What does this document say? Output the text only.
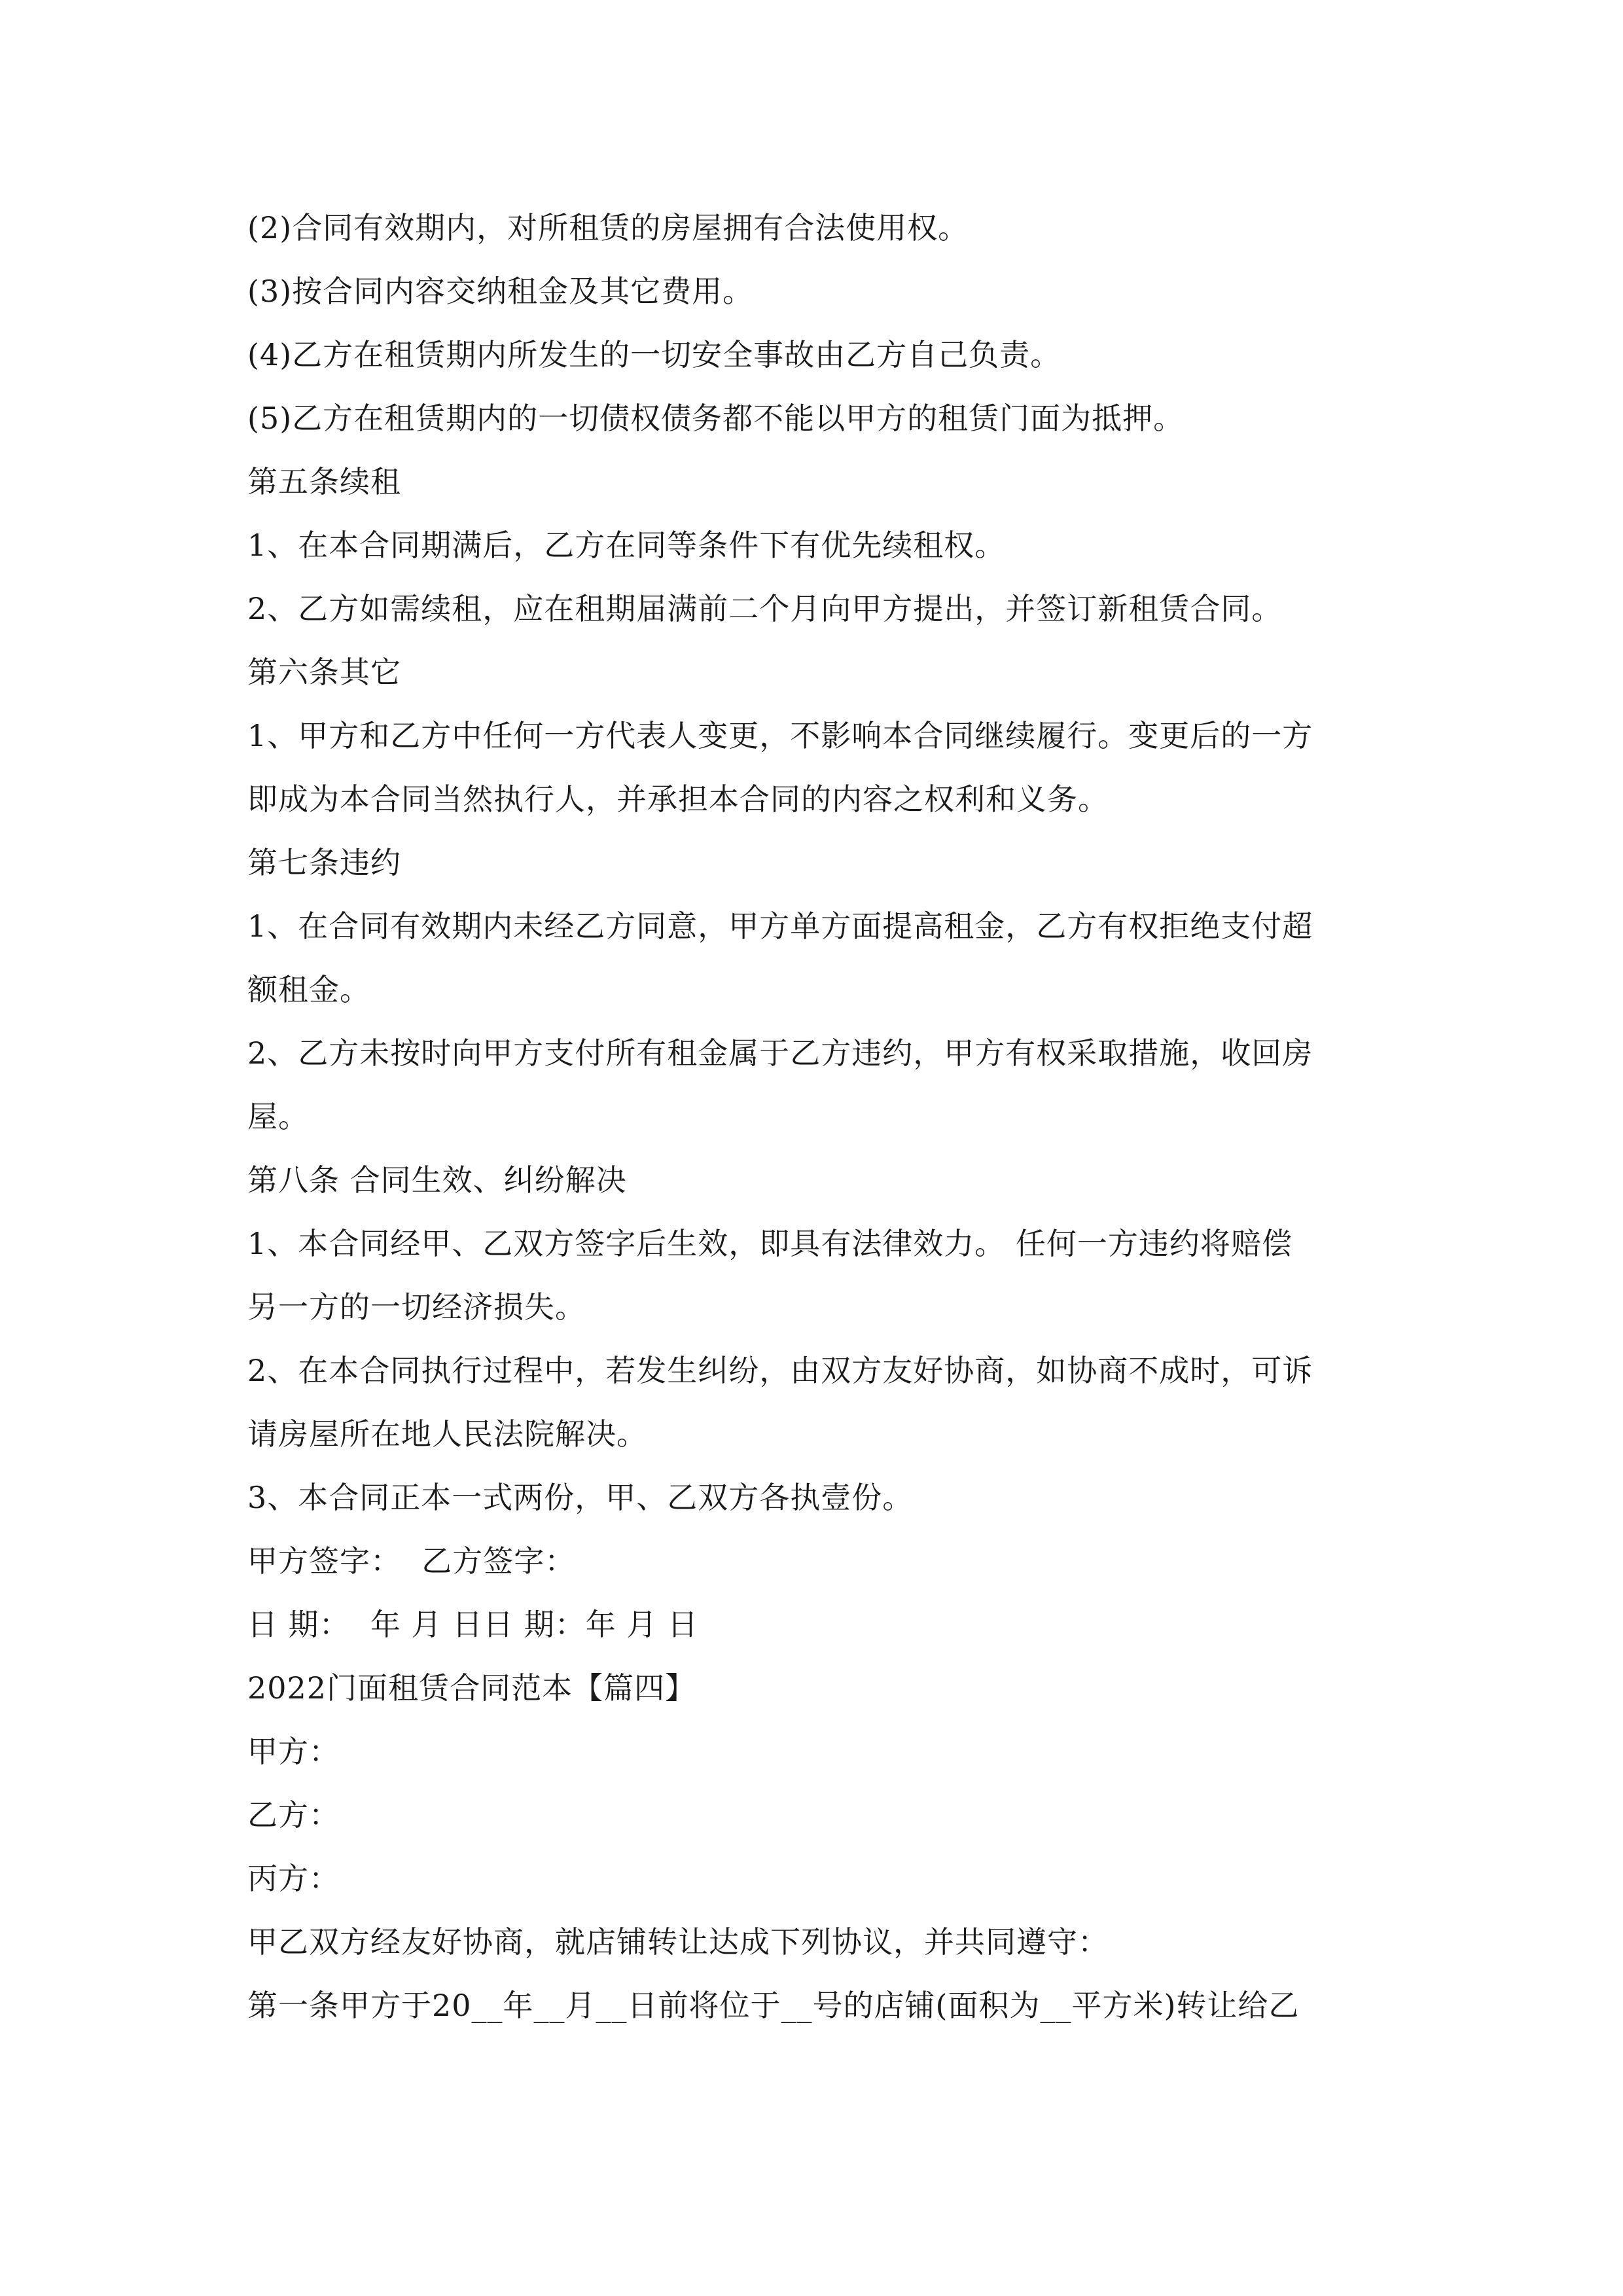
(2)合同有效期内，对所租赁的房屋拥有合法使用权。
(3)按合同内容交纳租金及其它费用。
(4)乙方在租赁期内所发生的一切安全事故由乙方自己负责。
(5)乙方在租赁期内的一切债权债务都不能以甲方的租赁门面为抵押。
第五条续租
1、在本合同期满后，乙方在同等条件下有优先续租权。
2、乙方如需续租，应在租期届满前二个月向甲方提出，并签订新租赁合同。
第六条其它
1、甲方和乙方中任何一方代表人变更，不影响本合同继续履行。变更后的一方
即成为本合同当然执行人，并承担本合同的内容之权利和义务。
第七条违约
1、在合同有效期内未经乙方同意，甲方单方面提高租金，乙方有权拒绝支付超
额租金。
2、乙方未按时向甲方支付所有租金属于乙方违约，甲方有权采取措施，收回房
屋。
第八条 合同生效、纠纷解决
1、本合同经甲、乙双方签字后生效，即具有法律效力。 任何一方违约将赔偿
另一方的一切经济损失。
2、在本合同执行过程中，若发生纠纷，由双方友好协商，如协商不成时，可诉
请房屋所在地人民法院解决。
3、本合同正本一式两份，甲、乙双方各执壹份。
甲方签字：  乙方签字：
日 期：  年 月 日日 期：年 月 日
2022门面租赁合同范本【篇四】
甲方：
乙方：
丙方：
甲乙双方经友好协商，就店铺转让达成下列协议，并共同遵守：
第一条甲方于20__年__月__日前将位于__号的店铺(面积为__平方米)转让给乙
